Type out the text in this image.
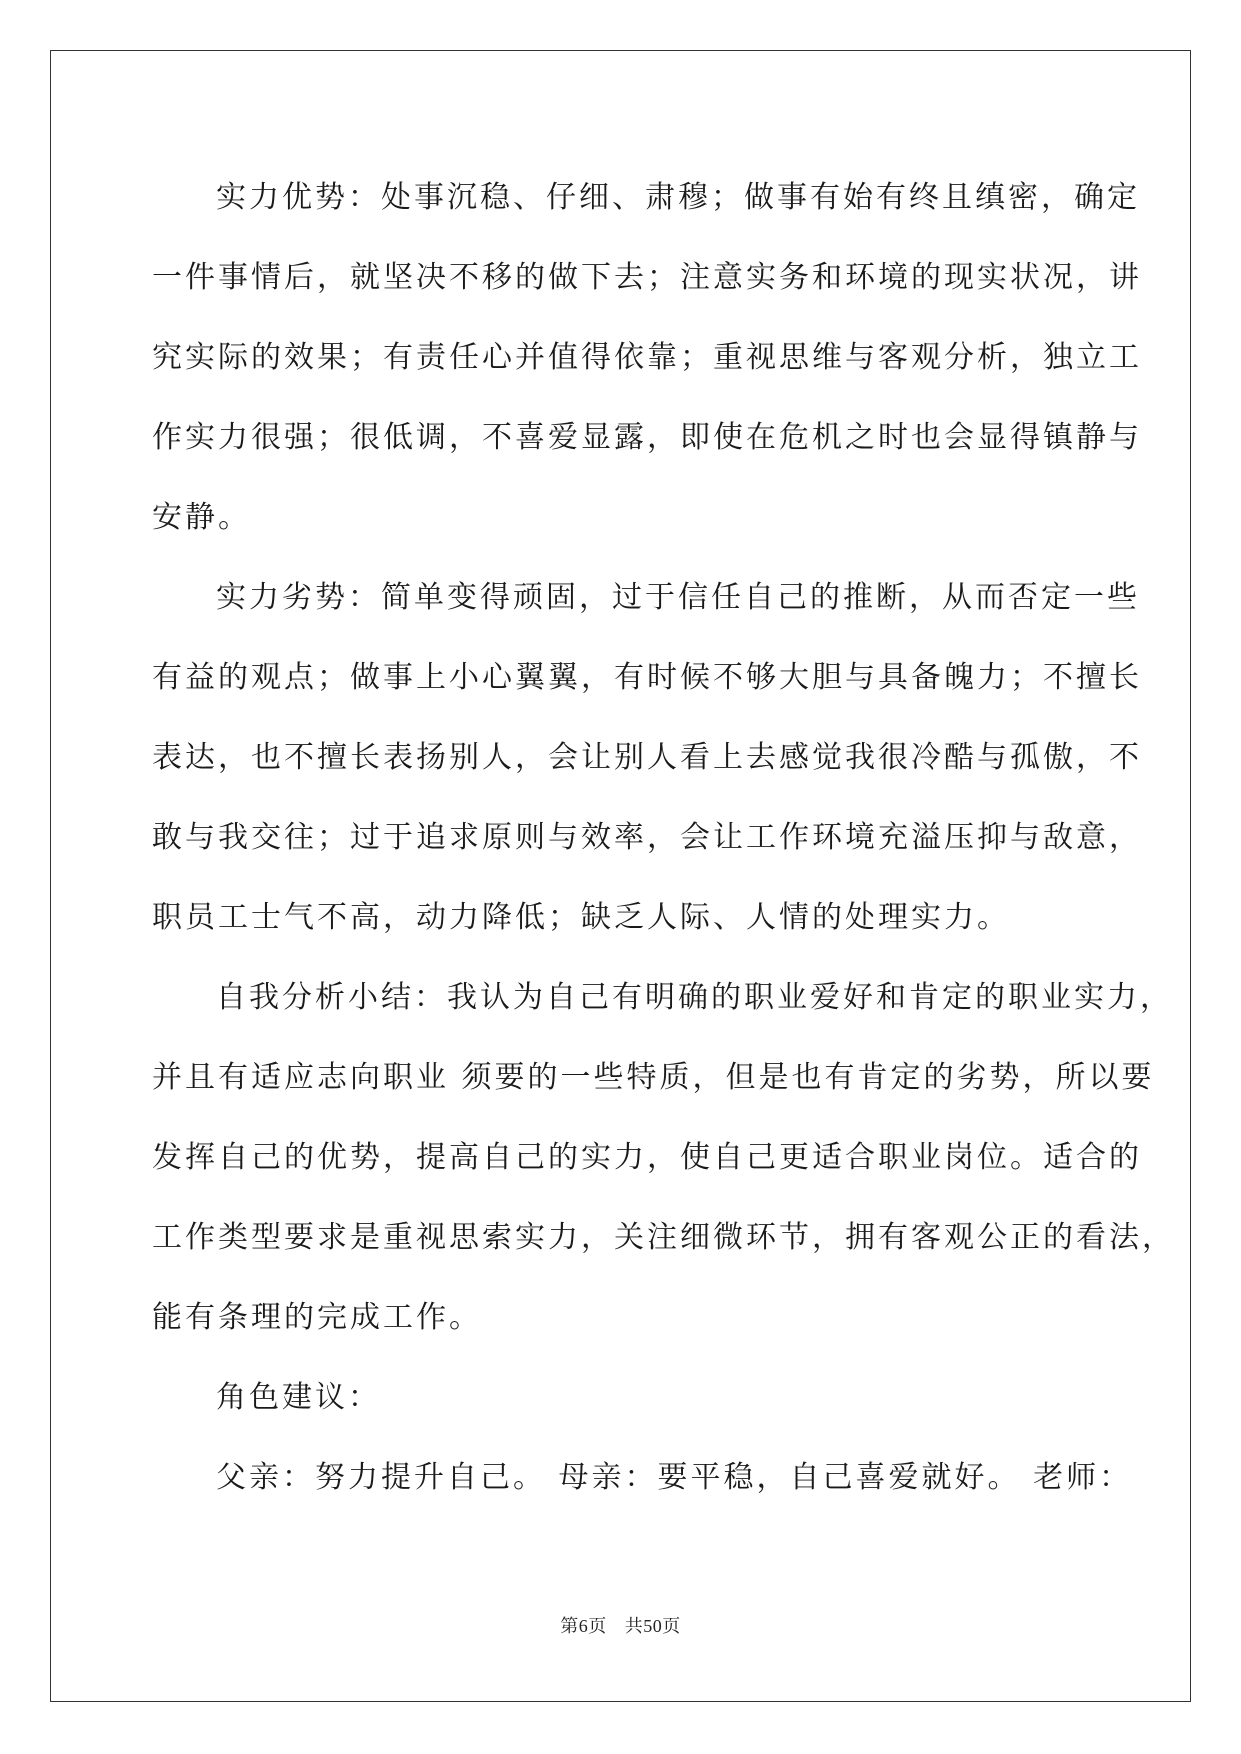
实力优势：处事沉稳、仔细、肃穆；做事有始有终且缜密，确定

一件事情后，就坚决不移的做下去；注意实务和环境的现实状况，讲

究实际的效果；有责任心并值得依靠；重视思维与客观分析，独立工

作实力很强；很低调，不喜爱显露，即使在危机之时也会显得镇静与

安静。

实力劣势：简单变得顽固，过于信任自己的推断，从而否定一些

有益的观点；做事上小心翼翼，有时候不够大胆与具备魄力；不擅长

表达，也不擅长表扬别人，会让别人看上去感觉我很冷酷与孤傲，不

敢与我交往；过于追求原则与效率，会让工作环境充溢压抑与敌意，

职员工士气不高，动力降低；缺乏人际、人情的处理实力。

自我分析小结：我认为自己有明确的职业爱好和肯定的职业实力，

并且有适应志向职业 须要的一些特质，但是也有肯定的劣势，所以要

发挥自己的优势，提高自己的实力，使自己更适合职业岗位。适合的

工作类型要求是重视思索实力，关注细微环节，拥有客观公正的看法，

能有条理的完成工作。

角色建议：

父亲：努力提升自己。 母亲：要平稳，自己喜爱就好。 老师：

第6页 共50页
